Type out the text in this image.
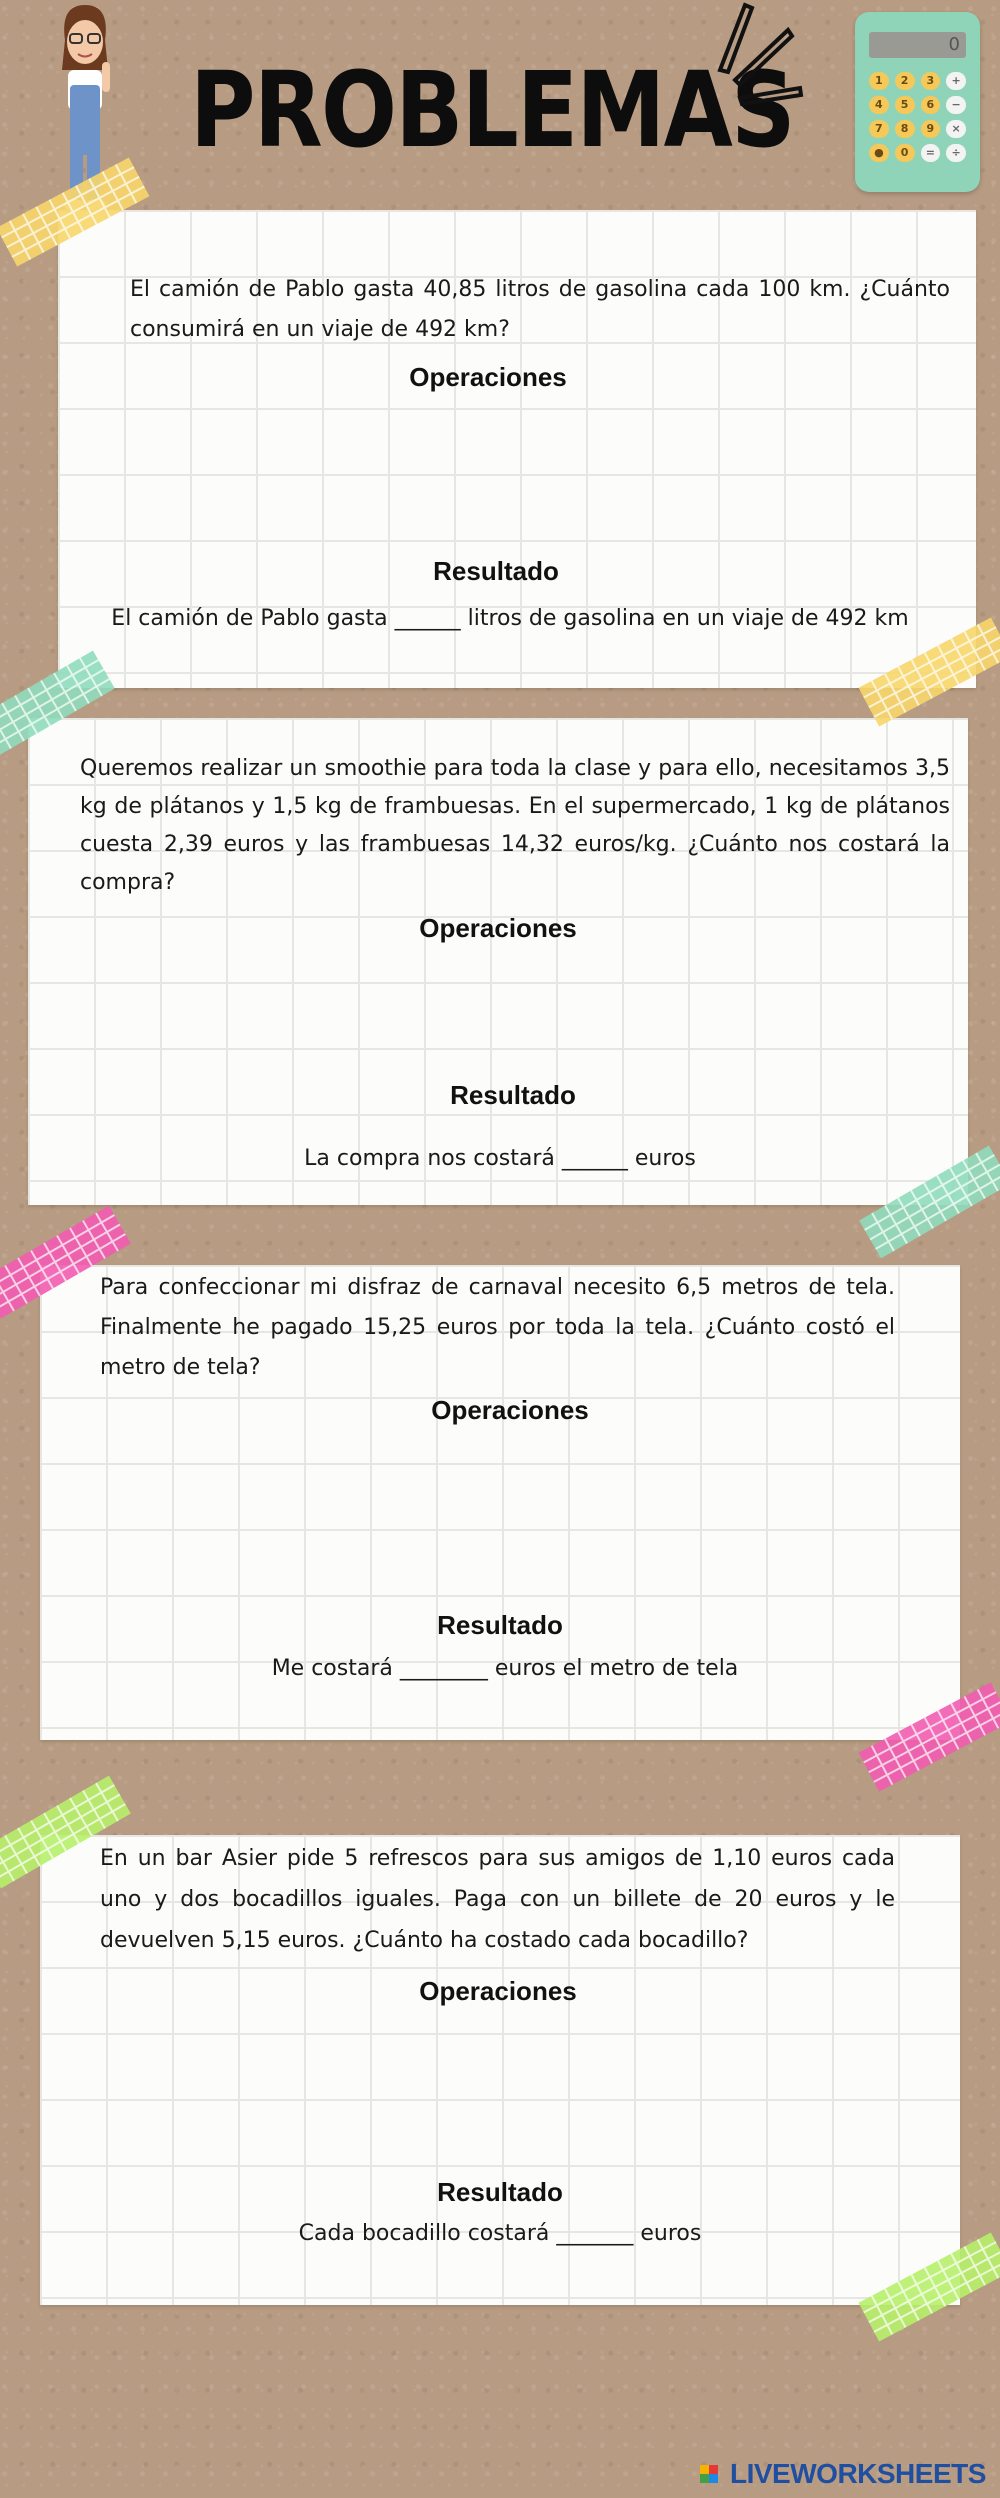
PROBLEMAS
0
1	2	3	+
4	5	6	−
7	8	9	×
●	0	=	÷

El camión de Pablo gasta 40,85 litros de gasolina cada 100 km. ¿Cuánto consumirá en un viaje de 492 km?

Operaciones

Resultado

El camión de Pablo gasta ______ litros de gasolina en un viaje de 492 km

Queremos realizar un smoothie para toda la clase y para ello, necesitamos 3,5 kg de plátanos y 1,5 kg de frambuesas. En el supermercado, 1 kg de plátanos cuesta 2,39 euros y las frambuesas 14,32 euros/kg. ¿Cuánto nos costará la compra?

Operaciones

Resultado

La compra nos costará ______ euros

Para confeccionar mi disfraz de carnaval necesito 6,5 metros de tela. Finalmente he pagado 15,25 euros por toda la tela. ¿Cuánto costó el metro de tela?

Operaciones

Resultado

Me costará ________ euros el metro de tela

En un bar Asier pide 5 refrescos para sus amigos de 1,10 euros cada uno y dos bocadillos iguales. Paga con un billete de 20 euros y le devuelven 5,15 euros. ¿Cuánto ha costado cada bocadillo?

Operaciones

Resultado

Cada bocadillo costará _______ euros

LIVEWORKSHEETS
